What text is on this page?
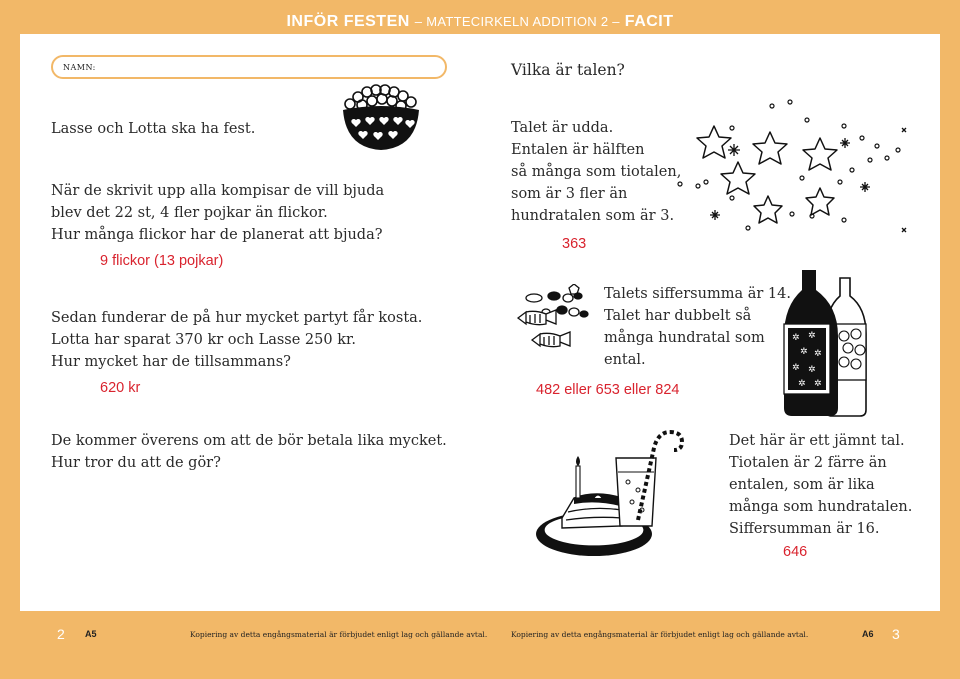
INFÖR FESTEN – MATTECIRKELN ADDITION 2 – FACIT
NAMN:
Lasse och Lotta ska ha fest.
När de skrivit upp alla kompisar de vill bjuda
blev det 22 st, 4 fler pojkar än flickor.
Hur många flickor har de planerat att bjuda?
9 flickor (13 pojkar)
Sedan funderar de på hur mycket partyt får kosta.
Lotta har sparat 370 kr och Lasse 250 kr.
Hur mycket har de tillsammans?
620 kr
De kommer överens om att de bör betala lika mycket.
Hur tror du att de gör?
Vilka är talen?
Talet är udda.
Entalen är hälften
så många som tiotalen,
som är 3 fler än
hundratalen som är 3.
363
Talets siffersumma är 14.
Talet har dubbelt så
många hundratal som
ental.
482 eller 653 eller 824
Det här är ett jämnt tal.
Tiotalen är 2 färre än
entalen, som är lika
många som hundratalen.
Siffersumman är 16.
646
✲ ✲
✲ ✲
✲ ✲
✲ ✲
2 A5	Kopiering av detta engångsmaterial är förbjudet enligt lag och gällande avtal.	Kopiering av detta engångsmaterial är förbjudet enligt lag och gällande avtal.	A6 3
